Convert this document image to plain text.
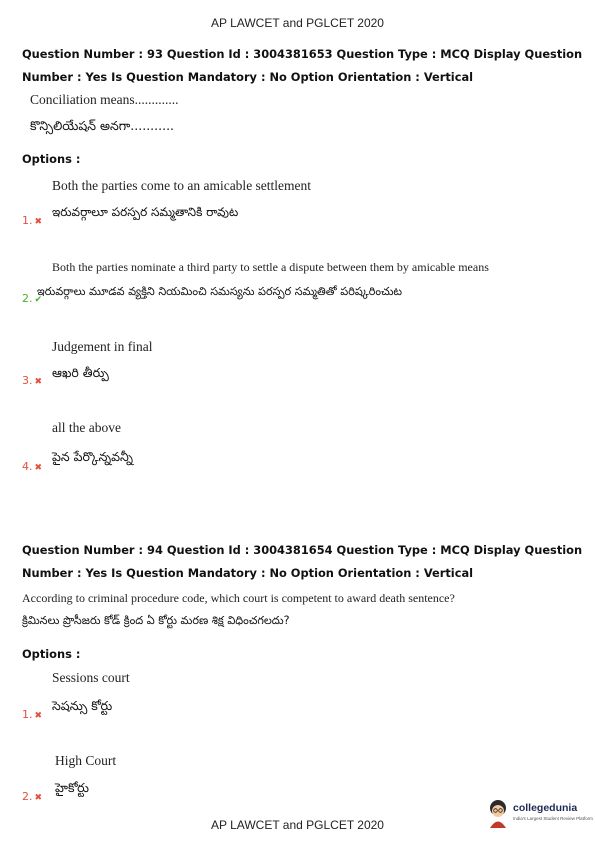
AP LAWCET and PGLCET 2020
Question Number : 93 Question Id : 3004381653 Question Type : MCQ Display Question
Number : Yes Is Question Mandatory : No Option Orientation : Vertical
Conciliation means.............
కొన్సిలియేషన్ అనగా...........
Options :
Both the parties come to an amicable settlement
1. ✖
ఇరువర్గాలూ పరస్పర సమ్మతానికి రావుట
Both the parties nominate a third party to settle a dispute between them by amicable means
2. ✔
ఇరువర్గాలు మూడవ వ్యక్తిని నియమించి సమస్యను పరస్పర సమ్మతితో పరిష్కరించుట
Judgement in final
3. ✖
ఆఖరి తీర్పు
all the above
4. ✖
పైన పేర్కొన్నవన్నీ
Question Number : 94 Question Id : 3004381654 Question Type : MCQ Display Question
Number : Yes Is Question Mandatory : No Option Orientation : Vertical
According to criminal procedure code, which court is competent to award death sentence?
క్రిమినలు ప్రొసీజరు కోడ్ క్రింద ఏ కోర్టు మరణ శిక్ష విధించగలదు?
Options :
Sessions court
1. ✖
సెషన్సు కోర్టు
High Court
2. ✖
హైకోర్టు
AP LAWCET and PGLCET 2020
collegedunia
India's Largest Student Review Platform
